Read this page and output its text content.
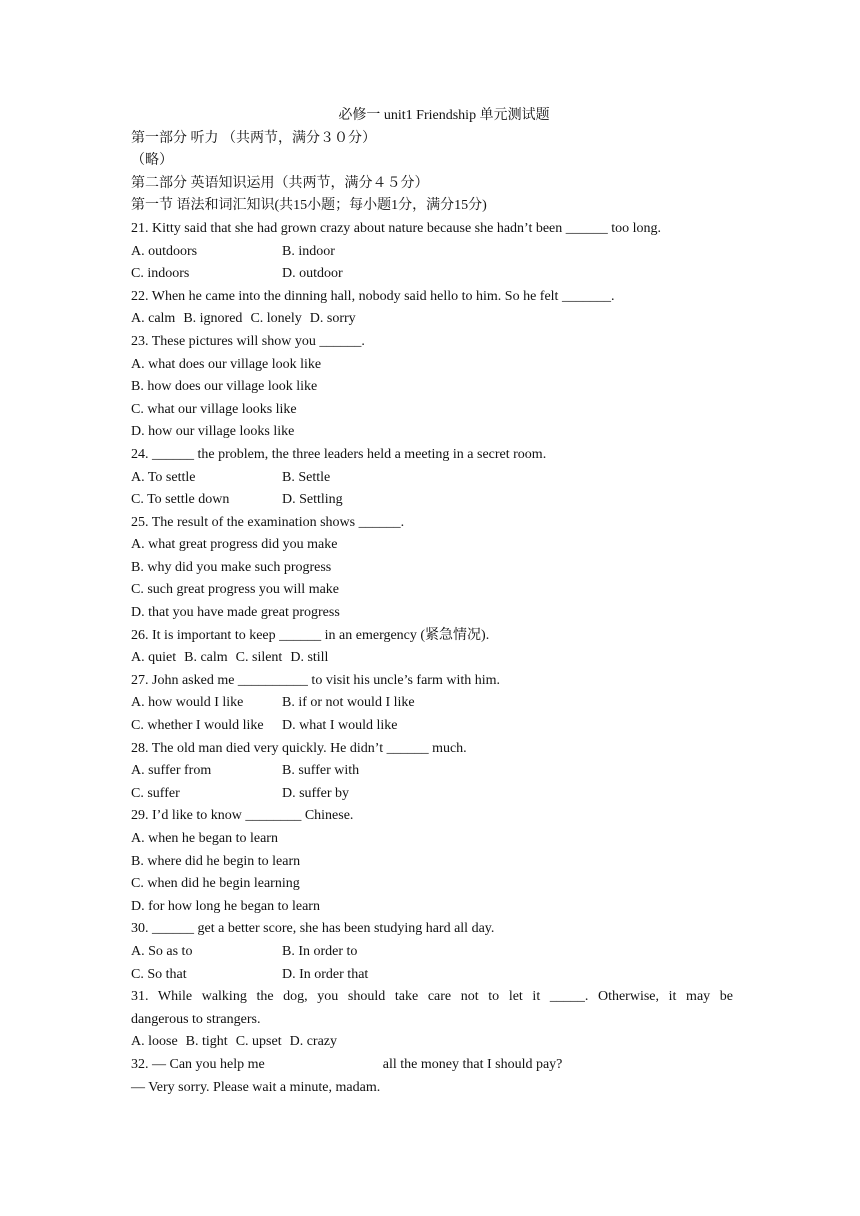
必修一 unit1 Friendship 单元测试题
第一部分 听力 （共两节，满分３０分）
（略）
第二部分 英语知识运用（共两节，满分４５分）
第一节 语法和词汇知识(共15小题；每小题1分，满分15分)
21. Kitty said that she had grown crazy about nature because she hadn’t been ______ too long.
A. outdoors	B. indoor
C. indoors	D. outdoor
22. When he came into the dinning hall, nobody said hello to him. So he felt _______.
A. calm B. ignored C. lonely D. sorry
23. These pictures will show you ______.
A. what does our village look like
B. how does our village look like
C. what our village looks like
D. how our village looks like
24. ______ the problem, the three leaders held a meeting in a secret room.
A. To settle	B. Settle
C. To settle down	D. Settling
25. The result of the examination shows ______.
A. what great progress did you make
B. why did you make such progress
C. such great progress you will make
D. that you have made great progress
26. It is important to keep ______ in an emergency (紧急情况).
A. quiet B. calm C. silent D. still
27. John asked me __________ to visit his uncle’s farm with him.
A. how would I like	B. if or not would I like
C. whether I would like D. what I would like
28. The old man died very quickly. He didn’t ______ much.
A. suffer from	B. suffer with
C. suffer	D. suffer by
29. I’d like to know ________ Chinese.
A. when he began to learn
B. where did he begin to learn
C. when did he begin learning
D. for how long he began to learn
30. ______ get a better score, she has been studying hard all day.
A. So as to	B. In order to
C. So that	D. In order that
31. While walking the dog, you should take care not to let it _____. Otherwise, it may be
dangerous to strangers.
A. loose B. tight C. upset D. crazy
32. — Can you help me	all the money that I should pay?
— Very sorry. Please wait a minute, madam.
